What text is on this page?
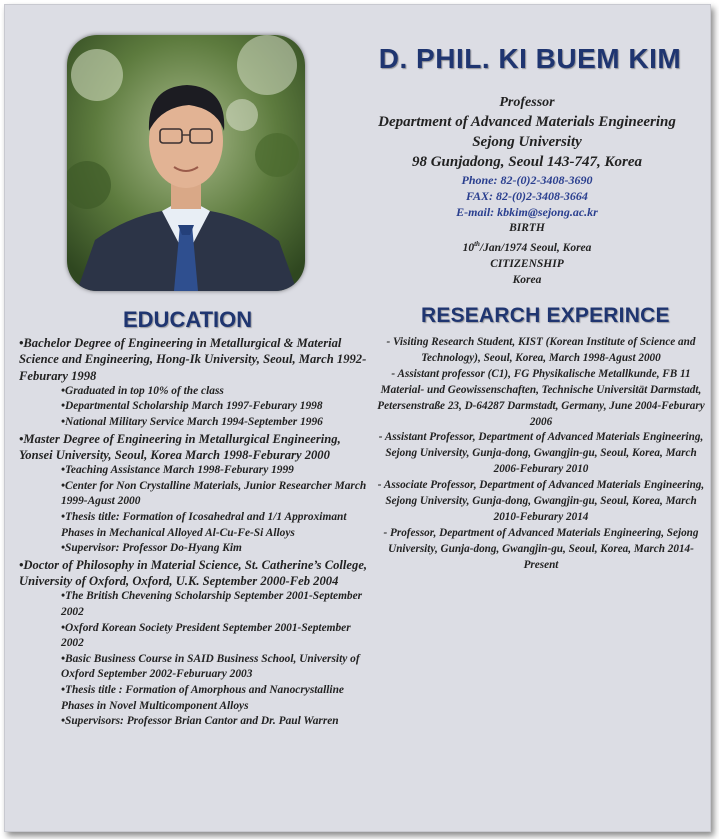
D. PHIL. KI BUEM KIM
Professor
Department of Advanced Materials Engineering
Sejong University
98 Gunjadong, Seoul 143-747, Korea
Phone: 82-(0)2-3408-3690
FAX: 82-(0)2-3408-3664
E-mail: kbkim@sejong.ac.kr
BIRTH
10th/Jan/1974 Seoul, Korea
CITIZENSHIP
Korea
EDUCATION	RESEARCH EXPERINCE

•Bachelor Degree of Engineering in Metallurgical & Material Science and Engineering, Hong-Ik University, Seoul, March 1992-Feburary 1998

•Graduated in top 10% of the class

•Departmental Scholarship March 1997-Feburary 1998

•National Military Service March 1994-September 1996

•Master Degree of Engineering in Metallurgical Engineering, Yonsei University, Seoul, Korea March 1998-Feburary 2000

•Teaching Assistance March 1998-Feburary 1999

•Center for Non Crystalline Materials, Junior Researcher March 1999-Agust 2000

•Thesis title: Formation of Icosahedral and 1/1 Approximant Phases in Mechanical Alloyed Al-Cu-Fe-Si Alloys

•Supervisor: Professor Do-Hyang Kim

•Doctor of Philosophy in Material Science, St. Catherine’s College, University of Oxford, Oxford, U.K. September 2000-Feb 2004

•The British Chevening Scholarship September 2001-September 2002

•Oxford Korean Society President September 2001-September 2002

•Basic Business Course in SAID Business School, University of Oxford September 2002-Feburuary 2003

•Thesis title : Formation of Amorphous and Nanocrystalline Phases in Novel Multicomponent Alloys

•Supervisors: Professor Brian Cantor and Dr. Paul Warren

- Visiting Research Student, KIST (Korean Institute of Science and Technology), Seoul, Korea, March 1998-Agust 2000

- Assistant professor (C1), FG Physikalische Metallkunde, FB 11 Material- und Geowissenschaften, Technische Universität Darmstadt, Petersenstraße 23, D-64287 Darmstadt, Germany, June 2004-Feburary 2006

- Assistant Professor, Department of Advanced Materials Engineering, Sejong University, Gunja-dong, Gwangjin-gu, Seoul, Korea, March 2006-Feburary 2010

- Associate Professor, Department of Advanced Materials Engineering, Sejong University, Gunja-dong, Gwangjin-gu, Seoul, Korea, March 2010-Feburary 2014

- Professor, Department of Advanced Materials Engineering, Sejong University, Gunja-dong, Gwangjin-gu, Seoul, Korea, March 2014-Present
